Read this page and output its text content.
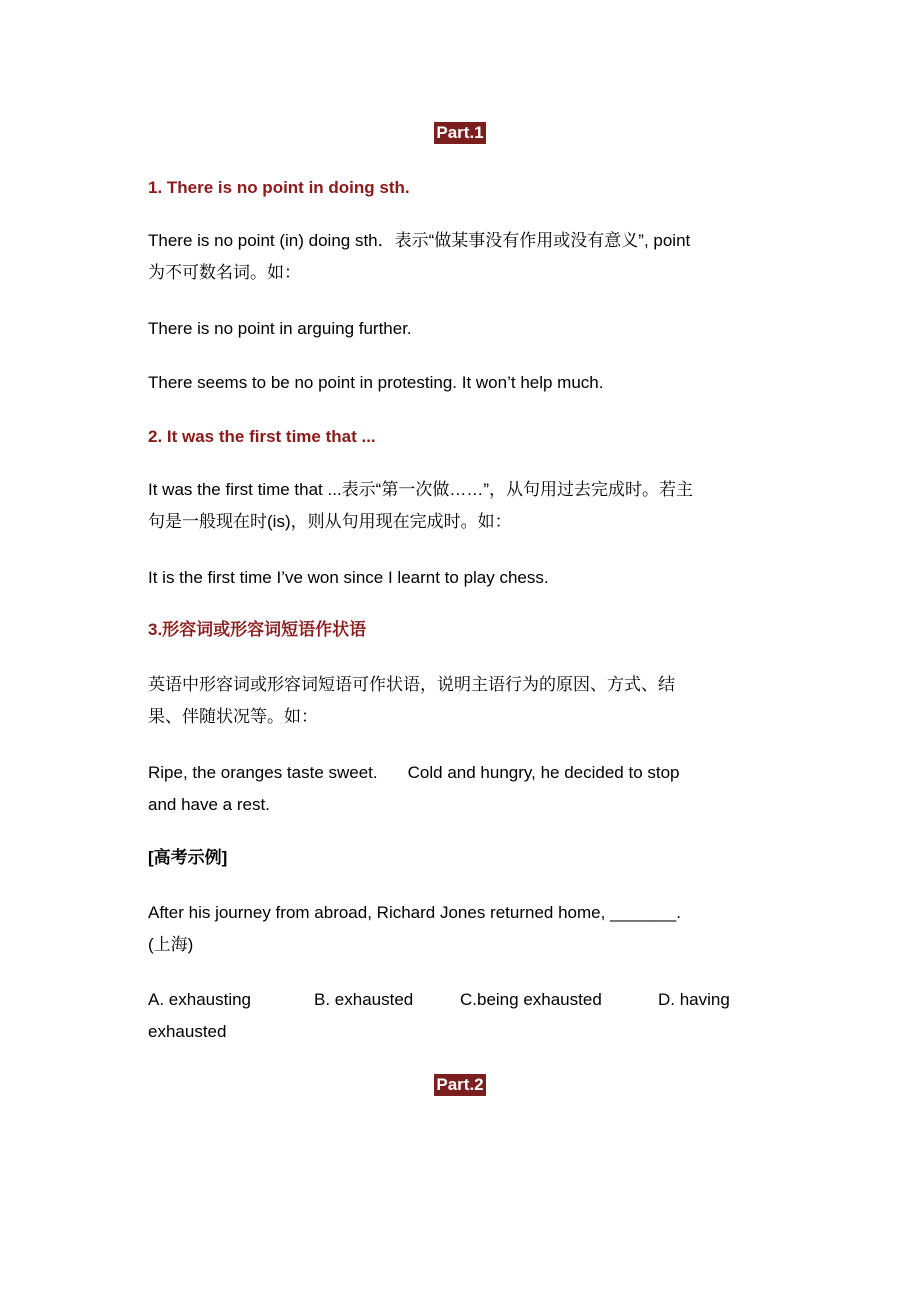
Part.1
1. There is no point in doing sth.
There is no point (in) doing sth．表示“做某事没有作用或没有意义”, point
为不可数名词。如：
There is no point in arguing further.
There seems to be no point in protesting. It won’t help much.
2. It was the first time that ...
It was the first time that ...表示“第一次做……”，从句用过去完成时。若主
句是一般现在时(is)，则从句用现在完成时。如：
It is the first time I’ve won since I learnt to play chess.
3.形容词或形容词短语作状语
英语中形容词或形容词短语可作状语，说明主语行为的原因、方式、结
果、伴随状况等。如：
Ripe, the oranges taste sweet. Cold and hungry, he decided to stop
and have a rest.
[高考示例]
After his journey from abroad, Richard Jones returned home, _______.
(上海)
A. exhausting	B. exhausted	C.being exhausted	D. having
exhausted
Part.2
